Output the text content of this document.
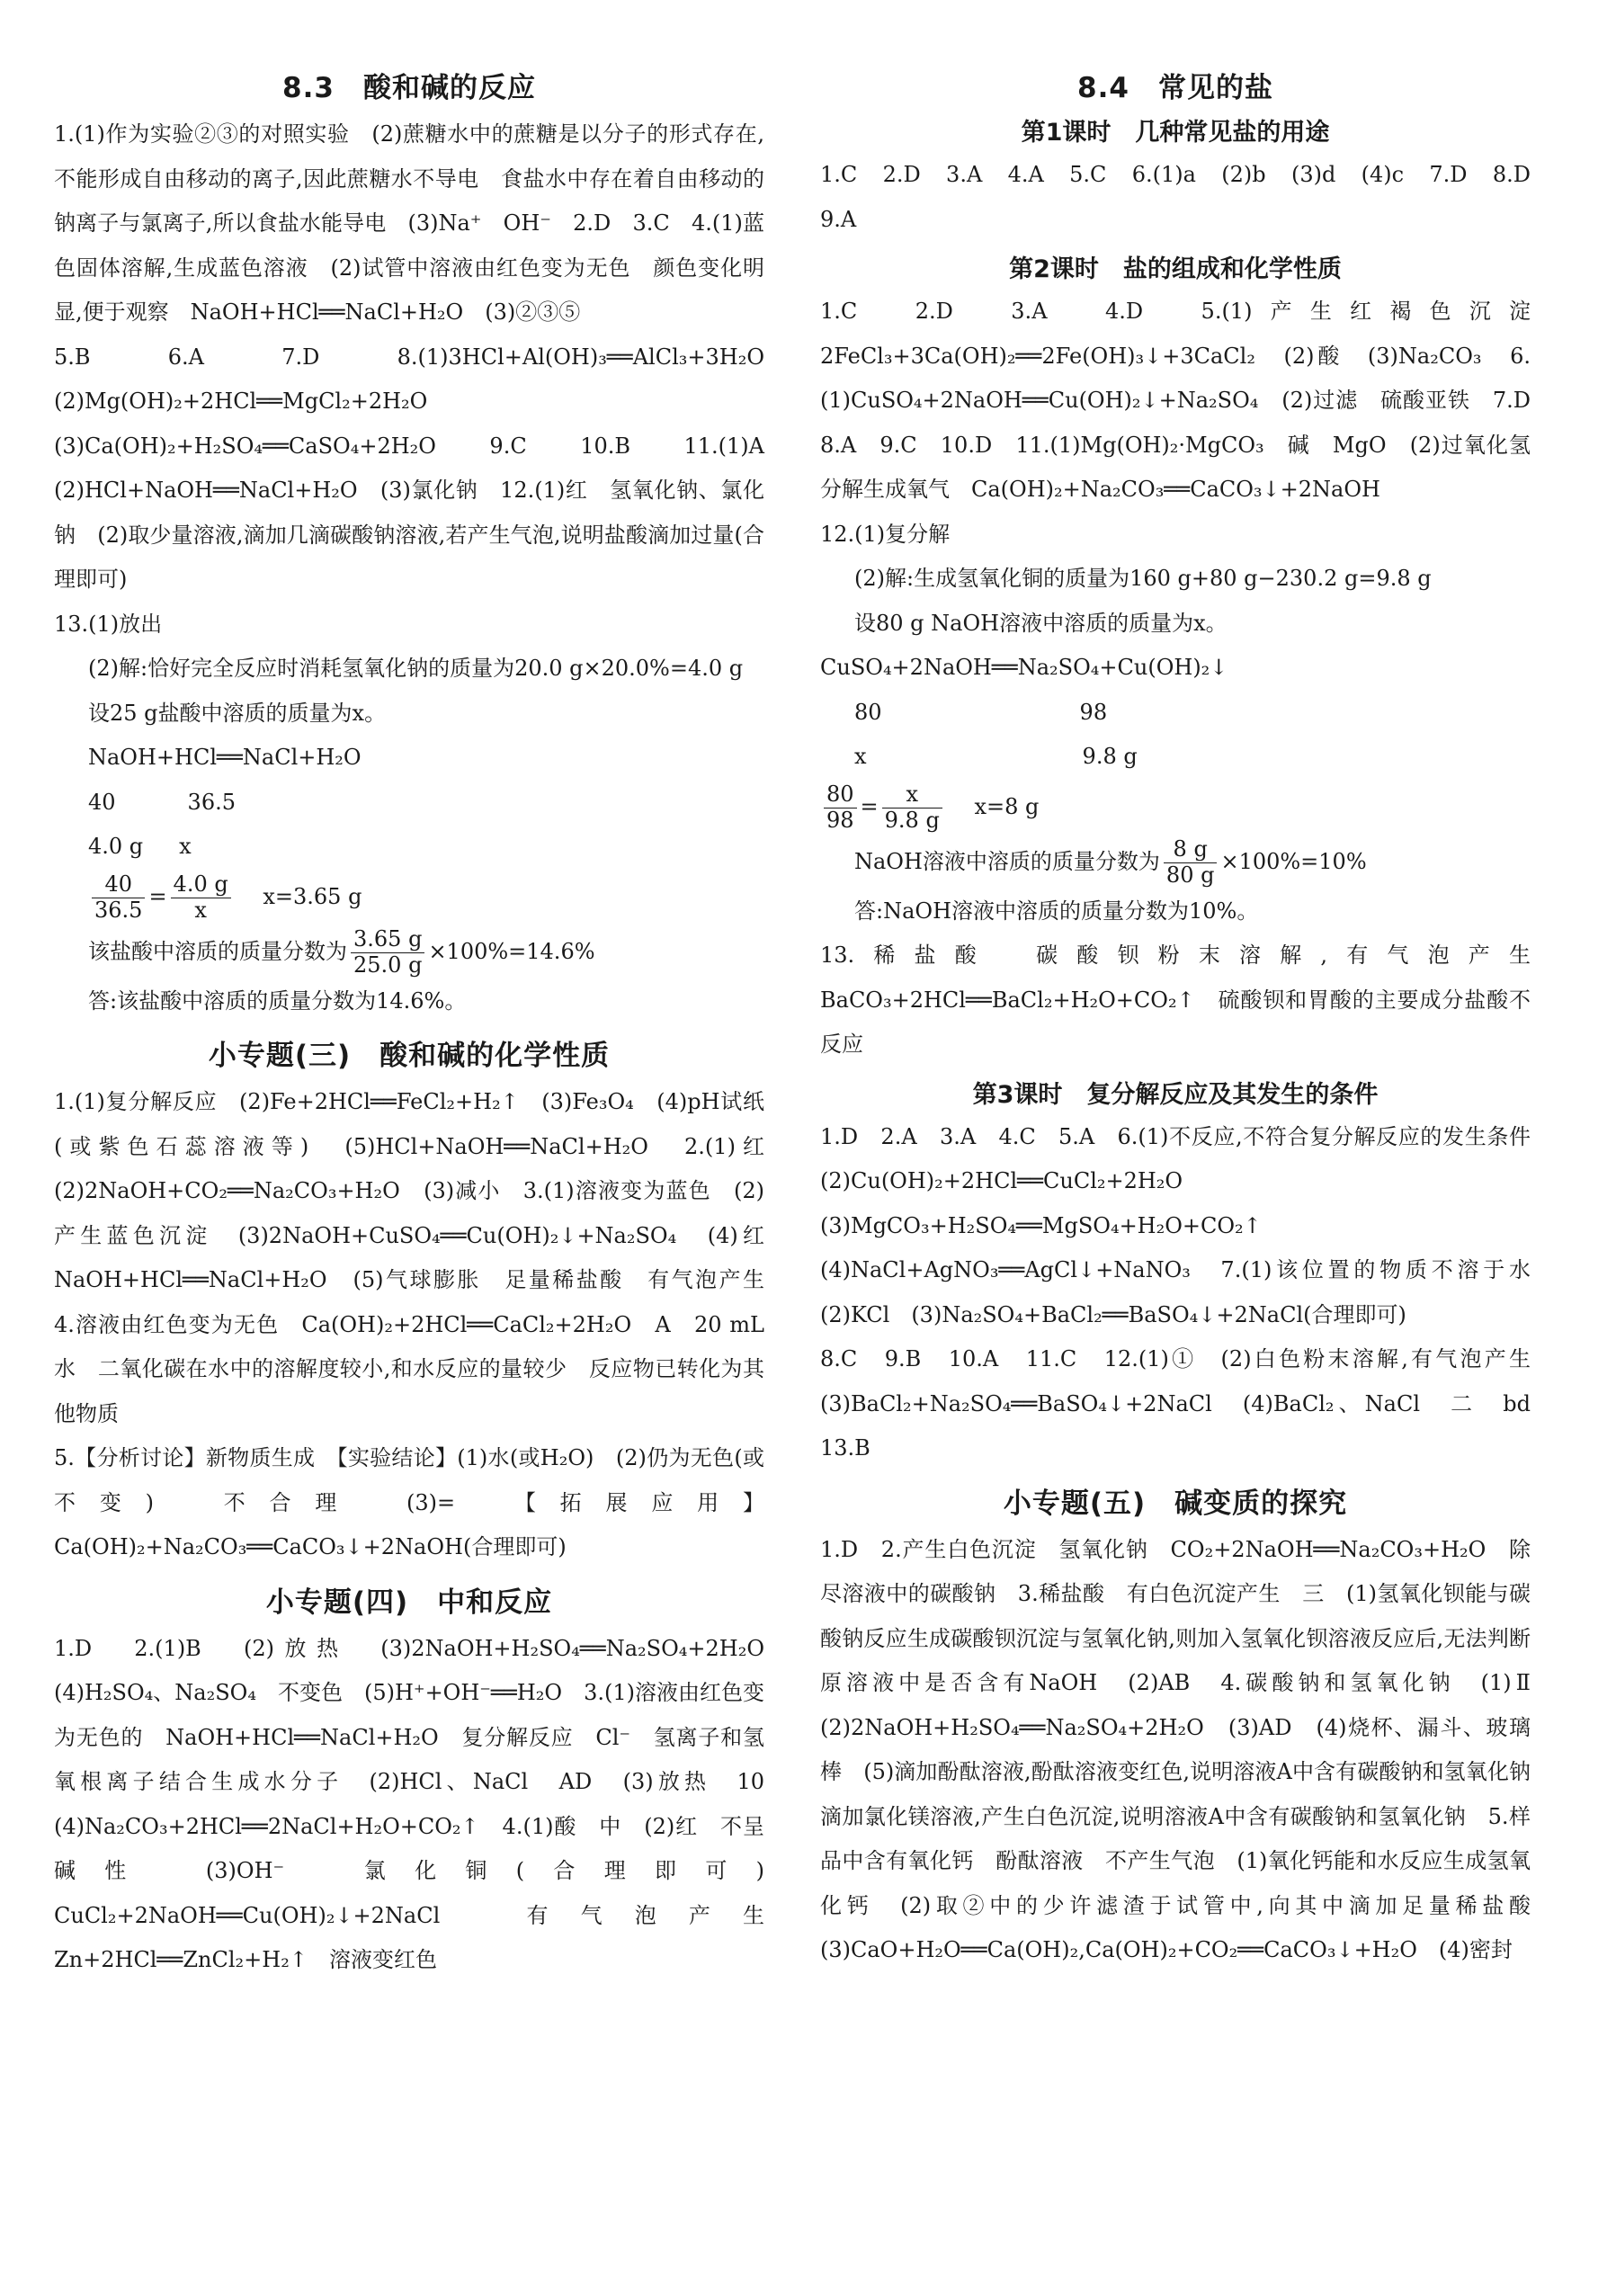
8.3　酸和碱的反应

1.(1)作为实验②③的对照实验　(2)蔗糖水中的蔗糖是以分子的形式存在,不能形成自由移动的离子,因此蔗糖水不导电　食盐水中存在着自由移动的钠离子与氯离子,所以食盐水能导电　(3)Na⁺　OH⁻　2.D　3.C　4.(1)蓝色固体溶解,生成蓝色溶液　(2)试管中溶液由红色变为无色　颜色变化明显,便于观察　NaOH+HCl══NaCl+H₂O　(3)②③⑤

5.B　6.A　7.D　8.(1)3HCl+Al(OH)₃══AlCl₃+3H₂O　(2)Mg(OH)₂+2HCl══MgCl₂+2H₂O　(3)Ca(OH)₂+H₂SO₄══CaSO₄+2H₂O　9.C　10.B　11.(1)A　(2)HCl+NaOH══NaCl+H₂O　(3)氯化钠　12.(1)红　氢氧化钠、氯化钠　(2)取少量溶液,滴加几滴碳酸钠溶液,若产生气泡,说明盐酸滴加过量(合理即可)

13.(1)放出

(2)解:恰好完全反应时消耗氢氧化钠的质量为20.0 g×20.0%=4.0 g

设25 g盐酸中溶质的质量为x。

NaOH+HCl══NaCl+H₂O

40	36.5

4.0 g x

$\frac{40}{36.5} = \frac{4.0 g}{x} x=3.65$ g

该盐酸中溶质的质量分数为 $\frac{3.65 g}{25.0 g} \times 100\%=14.6\%$

答:该盐酸中溶质的质量分数为14.6%。

小专题(三)　酸和碱的化学性质

1.(1)复分解反应　(2)Fe+2HCl══FeCl₂+H₂↑　(3)Fe₃O₄　(4)pH试纸(或紫色石蕊溶液等)　(5)HCl+NaOH══NaCl+H₂O　2.(1)红　(2)2NaOH+CO₂══Na₂CO₃+H₂O　(3)减小　3.(1)溶液变为蓝色　(2)产生蓝色沉淀　(3)2NaOH+CuSO₄══Cu(OH)₂↓+Na₂SO₄　(4)红　NaOH+HCl══NaCl+H₂O　(5)气球膨胀　足量稀盐酸　有气泡产生　4.溶液由红色变为无色　Ca(OH)₂+2HCl══CaCl₂+2H₂O　A　20 mL水　二氧化碳在水中的溶解度较小,和水反应的量较少　反应物已转化为其他物质

5.【分析讨论】新物质生成　【实验结论】(1)水(或H₂O)　(2)仍为无色(或不变)　不合理　(3)=　【拓展应用】Ca(OH)₂+Na₂CO₃══CaCO₃↓+2NaOH(合理即可)

小专题(四)　中和反应

1.D　2.(1)B　(2)放热　(3)2NaOH+H₂SO₄══Na₂SO₄+2H₂O　(4)H₂SO₄、Na₂SO₄　不变色　(5)H⁺+OH⁻══H₂O　3.(1)溶液由红色变为无色的　NaOH+HCl══NaCl+H₂O　复分解反应　Cl⁻　氢离子和氢氧根离子结合生成水分子　(2)HCl、NaCl　AD　(3)放热　10　(4)Na₂CO₃+2HCl══2NaCl+H₂O+CO₂↑　4.(1)酸　中　(2)红　不呈碱性　(3)OH⁻　氯化铜(合理即可)　CuCl₂+2NaOH══Cu(OH)₂↓+2NaCl　有气泡产生　Zn+2HCl══ZnCl₂+H₂↑　溶液变红色

8.4　常见的盐
第1课时　几种常见盐的用途

1.C　2.D　3.A　4.A　5.C　6.(1)a　(2)b　(3)d　(4)c　7.D　8.D　9.A

第2课时　盐的组成和化学性质

1.C　2.D　3.A　4.D　5.(1)产生红褐色沉淀　2FeCl₃+3Ca(OH)₂══2Fe(OH)₃↓+3CaCl₂　(2)酸　(3)Na₂CO₃　6.(1)CuSO₄+2NaOH══Cu(OH)₂↓+Na₂SO₄　(2)过滤　硫酸亚铁　7.D　8.A　9.C　10.D　11.(1)Mg(OH)₂·MgCO₃　碱　MgO　(2)过氧化氢分解生成氧气　Ca(OH)₂+Na₂CO₃══CaCO₃↓+2NaOH

12.(1)复分解

(2)解:生成氢氧化铜的质量为160 g+80 g−230.2 g=9.8 g

设80 g NaOH溶液中溶质的质量为x。

CuSO₄+2NaOH══Na₂SO₄+Cu(OH)₂↓

80	98

x	9.8 g

$\frac{80}{98} = \frac{x}{9.8 g} x=8$ g

NaOH溶液中溶质的质量分数为 $\frac{8 g}{80 g} \times 100\%=10\%$

答:NaOH溶液中溶质的质量分数为10%。

13.稀盐酸　碳酸钡粉末溶解,有气泡产生　BaCO₃+2HCl══BaCl₂+H₂O+CO₂↑　硫酸钡和胃酸的主要成分盐酸不反应

第3课时　复分解反应及其发生的条件

1.D　2.A　3.A　4.C　5.A　6.(1)不反应,不符合复分解反应的发生条件　(2)Cu(OH)₂+2HCl══CuCl₂+2H₂O　(3)MgCO₃+H₂SO₄══MgSO₄+H₂O+CO₂↑　(4)NaCl+AgNO₃══AgCl↓+NaNO₃　7.(1)该位置的物质不溶于水　(2)KCl　(3)Na₂SO₄+BaCl₂══BaSO₄↓+2NaCl(合理即可)

8.C　9.B　10.A　11.C　12.(1)①　(2)白色粉末溶解,有气泡产生　(3)BaCl₂+Na₂SO₄══BaSO₄↓+2NaCl　(4)BaCl₂、NaCl　二　bd　13.B

小专题(五)　碱变质的探究

1.D　2.产生白色沉淀　氢氧化钠　CO₂+2NaOH══Na₂CO₃+H₂O　除尽溶液中的碳酸钠　3.稀盐酸　有白色沉淀产生　三　(1)氢氧化钡能与碳酸钠反应生成碳酸钡沉淀与氢氧化钠,则加入氢氧化钡溶液反应后,无法判断原溶液中是否含有NaOH　(2)AB　4.碳酸钠和氢氧化钠　(1)Ⅱ　(2)2NaOH+H₂SO₄══Na₂SO₄+2H₂O　(3)AD　(4)烧杯、漏斗、玻璃棒　(5)滴加酚酞溶液,酚酞溶液变红色,说明溶液A中含有碳酸钠和氢氧化钠　滴加氯化镁溶液,产生白色沉淀,说明溶液A中含有碳酸钠和氢氧化钠　5.样品中含有氧化钙　酚酞溶液　不产生气泡　(1)氧化钙能和水反应生成氢氧化钙　(2)取②中的少许滤渣于试管中,向其中滴加足量稀盐酸　(3)CaO+H₂O══Ca(OH)₂,Ca(OH)₂+CO₂══CaCO₃↓+H₂O　(4)密封
